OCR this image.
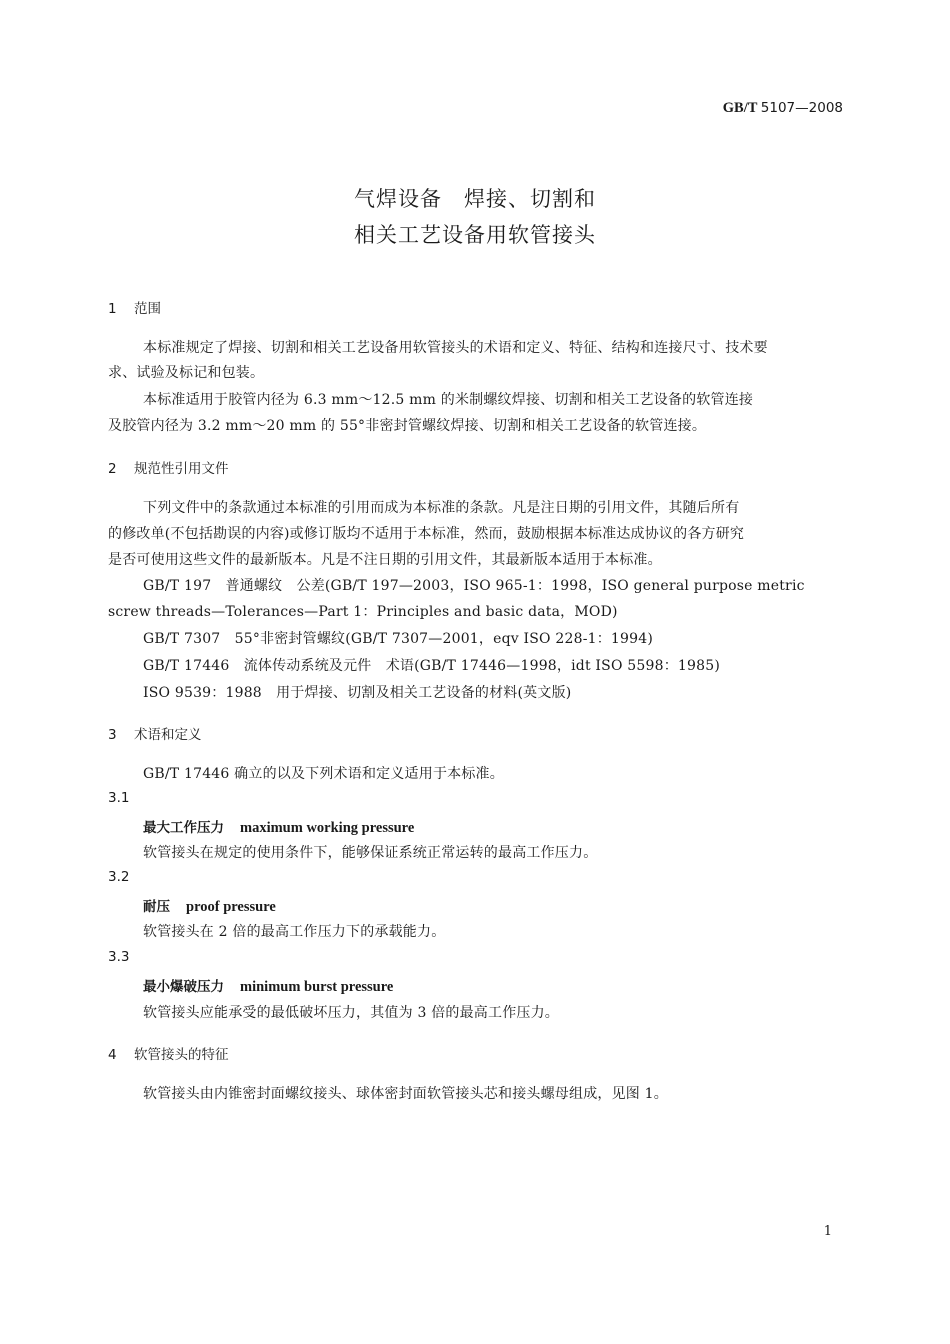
GB/T 5107—2008
气焊设备　焊接、切割和
相关工艺设备用软管接头
1 范围
本标准规定了焊接、切割和相关工艺设备用软管接头的术语和定义、特征、结构和连接尺寸、技术要
求、试验及标记和包装。
本标准适用于胶管内径为 6.3 mm～12.5 mm 的米制螺纹焊接、切割和相关工艺设备的软管连接
及胶管内径为 3.2 mm～20 mm 的 55°非密封管螺纹焊接、切割和相关工艺设备的软管连接。
2 规范性引用文件
下列文件中的条款通过本标准的引用而成为本标准的条款。凡是注日期的引用文件，其随后所有
的修改单(不包括勘误的内容)或修订版均不适用于本标准，然而，鼓励根据本标准达成协议的各方研究
是否可使用这些文件的最新版本。凡是不注日期的引用文件，其最新版本适用于本标准。
GB/T 197　普通螺纹　公差(GB/T 197—2003，ISO 965-1：1998，ISO general purpose metric
screw threads—Tolerances—Part 1：Principles and basic data，MOD)
GB/T 7307　55°非密封管螺纹(GB/T 7307—2001，eqv ISO 228-1：1994)
GB/T 17446　流体传动系统及元件　术语(GB/T 17446—1998，idt ISO 5598：1985)
ISO 9539：1988　用于焊接、切割及相关工艺设备的材料(英文版)
3 术语和定义
GB/T 17446 确立的以及下列术语和定义适用于本标准。
3.1
最大工作压力 maximum working pressure
软管接头在规定的使用条件下，能够保证系统正常运转的最高工作压力。
3.2
耐压 proof pressure
软管接头在 2 倍的最高工作压力下的承载能力。
3.3
最小爆破压力 minimum burst pressure
软管接头应能承受的最低破坏压力，其值为 3 倍的最高工作压力。
4 软管接头的特征
软管接头由内锥密封面螺纹接头、球体密封面软管接头芯和接头螺母组成，见图 1。
1
